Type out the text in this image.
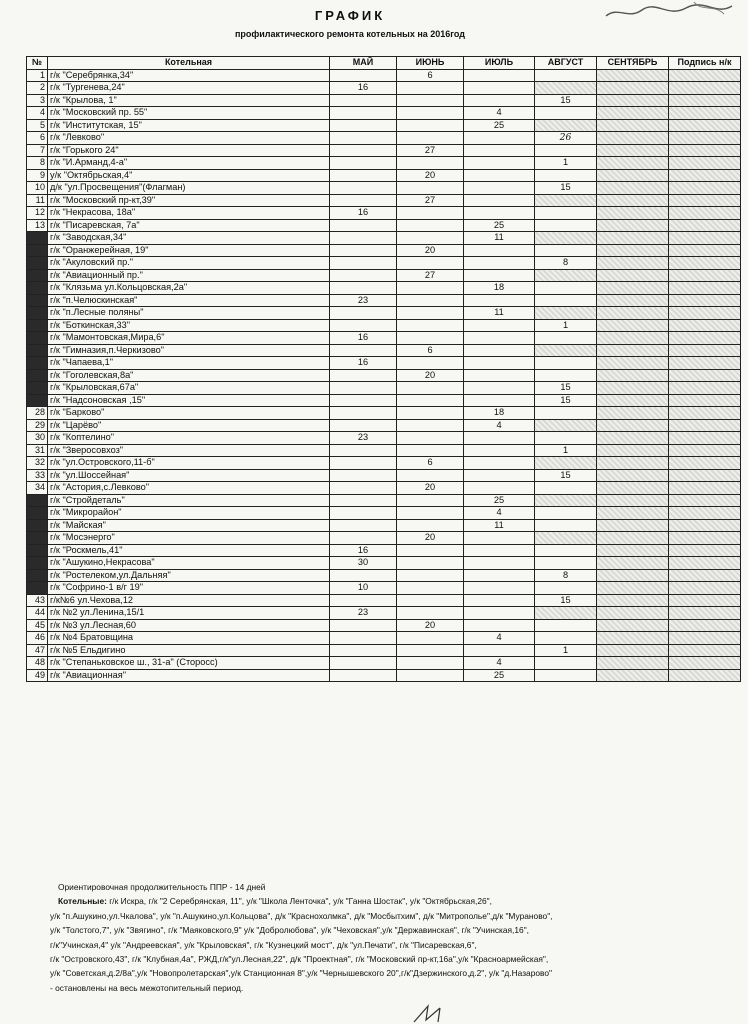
ГРАФИК
профилактического ремонта котельных на 2016год
№	Котельная	МАЙ	ИЮНЬ	ИЮЛЬ	АВГУСТ	СЕНТЯБРЬ	Подпись н/к
1	г/к "Серебрянка,34"		6				
2	г/к "Тургенева,24"	16					
3	г/к "Крылова, 1"				15		
4	г/к "Московский пр. 55"			4			
5	г/к "Институтская, 15"			25			
6	г/к "Левково"				26		
7	г/к "Горького 24"		27				
8	г/к "И.Арманд,4-а"				1		
9	у/к "Октябрьская,4"		20				
10	д/к "ул.Просвещения"(Флагман)				15		
11	г/к "Московский пр-кт,39"		27				
12	г/к "Некрасова, 18а"	16					
13	г/к "Писаревская, 7а"			25			
	г/к "Заводская,34"			11			
	г/к "Оранжерейная, 19"		20				
	г/к "Акуловский пр."				8		
	г/к "Авиационный пр."		27				
	г/к "Клязьма ул.Кольцовская,2а"			18			
	г/к "п.Челюскинская"	23					
	г/к "п.Лесные поляны"			11			
	г/к "Боткинская,33"				1		
	г/к "Мамонтовская,Мира,6"	16					
	г/к "Гимназия,п.Черкизово"		6				
	г/к "Чапаева,1"	16					
	г/к "Гоголевская,8а"		20				
	г/к "Крыловская,67а"				15		
	г/к "Надсоновская ,15"				15		
28	г/к "Барково"			18			
29	г/к "Царёво"			4			
30	г/к "Коптелино"	23					
31	г/к "Зверосовхоз"				1		
32	г/к "ул.Островского,11-б"		6				
33	г/к "ул.Шоссейная"				15		
34	г/к "Астория,с.Левково"		20				
	г/к "Стройдеталь"			25			
	г/к "Микрорайон"			4			
	г/к "Майская"			11			
	г/к "Мосэнерго"		20				
	г/к "Роскмель,41"	16					
	г/к "Ашукино,Некрасова"	30					
	г/к "Ростелеком,ул.Дальняя"				8		
	г/к "Софрино-1 в/г 19"	10					
43	г/к№6 ул.Чехова,12				15		
44	г/к №2 ул.Ленина,15/1	23					
45	г/к №3 ул.Лесная,60		20				
46	г/к №4 Братовщина			4			
47	г/к №5 Ельдигино				1		
48	г/к "Степаньковское ш., 31-а" (Стоpосс)			4			
49	г/к "Авиационная"			25			

Ориентировочная продолжительность ППР - 14 дней

Котельные: г/к Искра, г/к "2 Серебрянская, 11", у/к "Школа Ленточка", у/к "Ганна Шостак", у/к "Октябрьская,26",

у/к "п.Ашукино,ул.Чкалова", у/к "п.Ашукино,ул.Кольцова", д/к "Краснохолмка", д/к "Мосбытхим", д/к "Митрополье",д/к "Мураново",

у/к "Толстого,7", у/к "Звягино", г/к "Маяковского,9" у/к "Добролюбова", у/к "Чеховская",у/к "Державинская", г/к "Учинская,16",

г/к"Учинская,4" у/к "Андреевская", у/к "Крыловская", г/к "Кузнецкий мост", д/к "ул.Печати", г/к "Писаревская,6",

г/к "Островского,43", г/к "Клубная,4а", РЖД,г/к"ул.Лесная,22", д/к "Проектная", г/к "Московский пр-кт,16а",у/к "Красноармейская",

у/к "Советская,д.2/8а",у/к "Новопролетарская",у/к Станционная 8",у/к "Чернышевского 20",г/к"Дзержинского,д.2", у/к "д.Назарово"

- остановлены на весь межотопительный период.
